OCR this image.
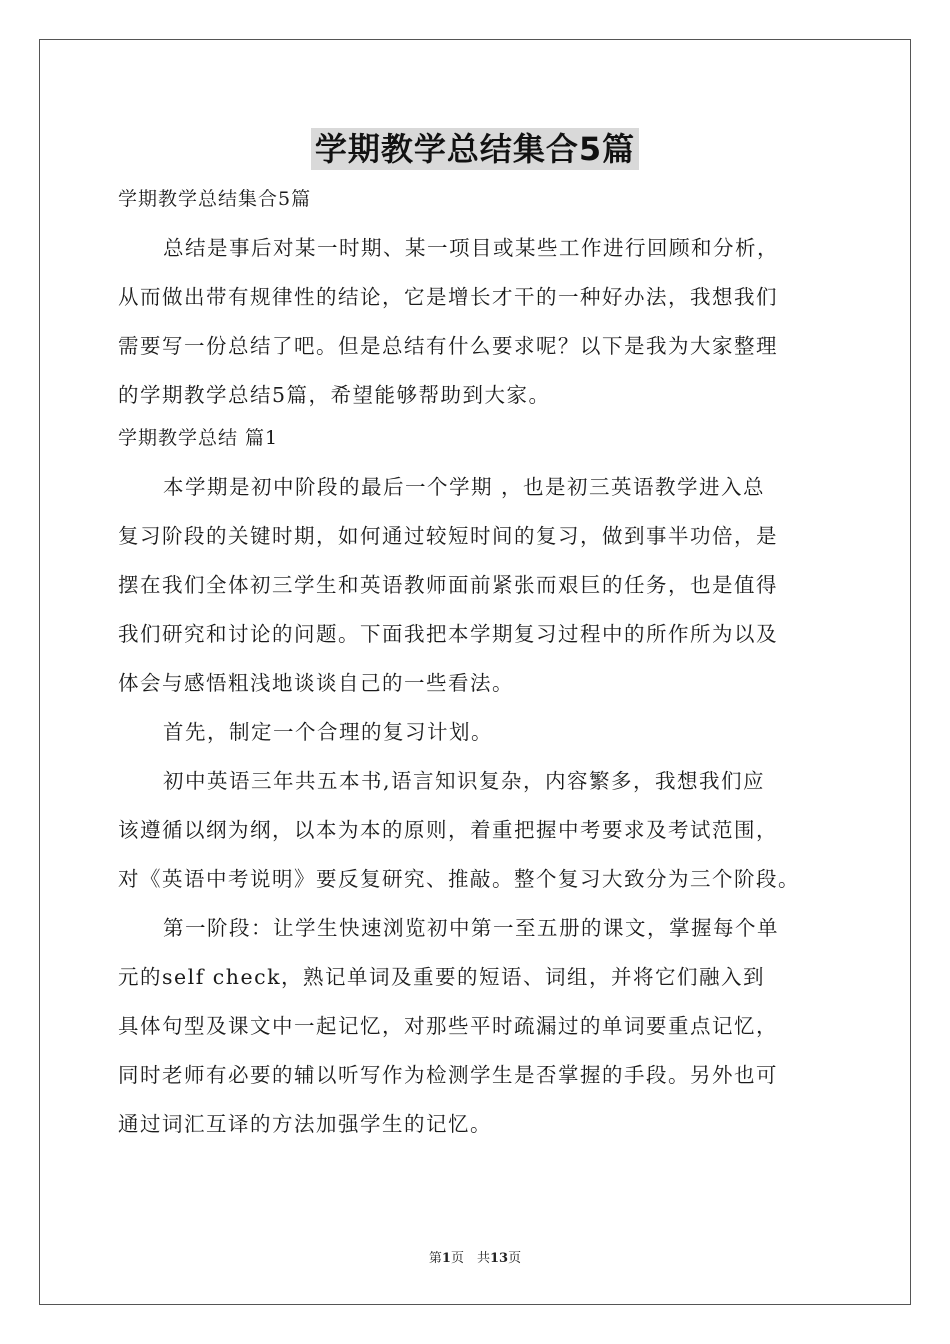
学期教学总结集合5篇
学期教学总结集合5篇
总结是事后对某一时期、某一项目或某些工作进行回顾和分析，
从而做出带有规律性的结论，它是增长才干的一种好办法，我想我们
需要写一份总结了吧。但是总结有什么要求呢？以下是我为大家整理
的学期教学总结5篇，希望能够帮助到大家。
学期教学总结 篇1
本学期是初中阶段的最后一个学期 ，也是初三英语教学进入总
复习阶段的关键时期，如何通过较短时间的复习，做到事半功倍，是
摆在我们全体初三学生和英语教师面前紧张而艰巨的任务，也是值得
我们研究和讨论的问题。下面我把本学期复习过程中的所作所为以及
体会与感悟粗浅地谈谈自己的一些看法。
首先，制定一个合理的复习计划。
初中英语三年共五本书,语言知识复杂，内容繁多，我想我们应
该遵循以纲为纲，以本为本的原则，着重把握中考要求及考试范围，
对《英语中考说明》要反复研究、推敲。整个复习大致分为三个阶段。
第一阶段：让学生快速浏览初中第一至五册的课文，掌握每个单
元的self check，熟记单词及重要的短语、词组，并将它们融入到
具体句型及课文中一起记忆，对那些平时疏漏过的单词要重点记忆，
同时老师有必要的辅以听写作为检测学生是否掌握的手段。另外也可
通过词汇互译的方法加强学生的记忆。
第1页　共13页
